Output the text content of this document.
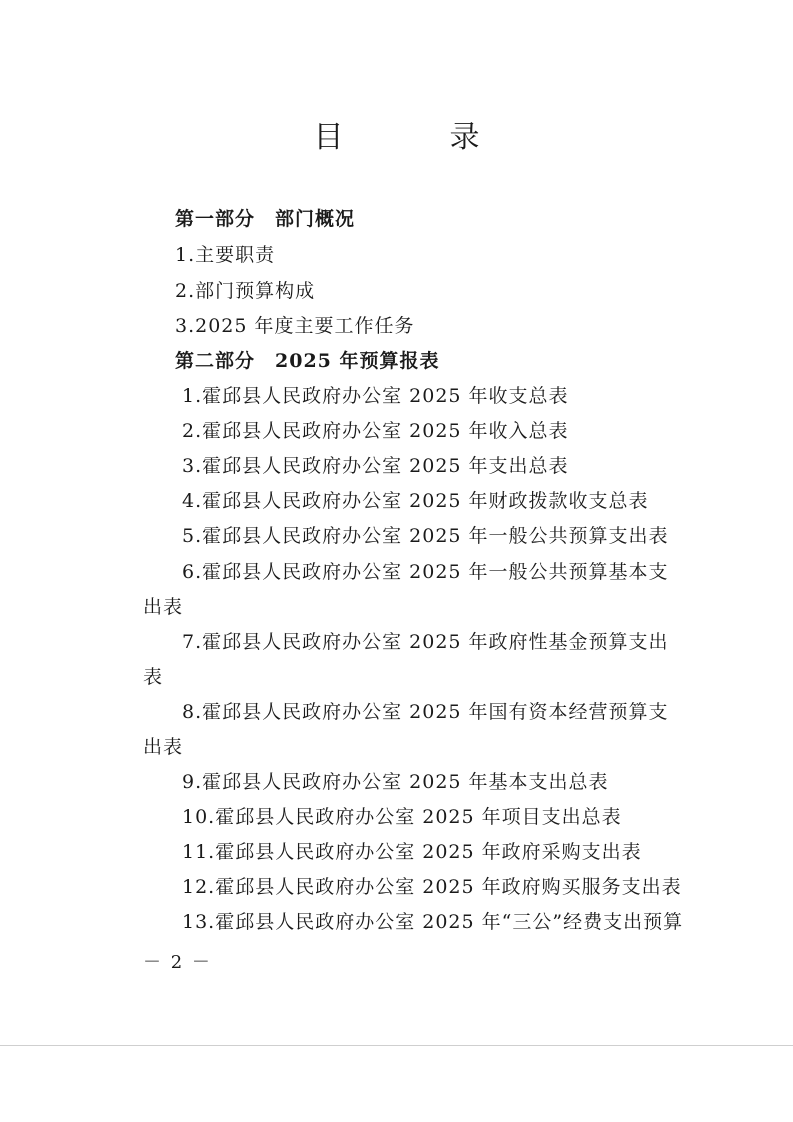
目　录
第一部分　部门概况
1.主要职责
2.部门预算构成
3.2025 年度主要工作任务
第二部分　2025 年预算报表
1.霍邱县人民政府办公室 2025 年收支总表
2.霍邱县人民政府办公室 2025 年收入总表
3.霍邱县人民政府办公室 2025 年支出总表
4.霍邱县人民政府办公室 2025 年财政拨款收支总表
5.霍邱县人民政府办公室 2025 年一般公共预算支出表
6.霍邱县人民政府办公室 2025 年一般公共预算基本支
出表
7.霍邱县人民政府办公室 2025 年政府性基金预算支出
表
8.霍邱县人民政府办公室 2025 年国有资本经营预算支
出表
9.霍邱县人民政府办公室 2025 年基本支出总表
10.霍邱县人民政府办公室 2025 年项目支出总表
11.霍邱县人民政府办公室 2025 年政府采购支出表
12.霍邱县人民政府办公室 2025 年政府购买服务支出表
13.霍邱县人民政府办公室 2025 年“三公”经费支出预算
－ 2 －
